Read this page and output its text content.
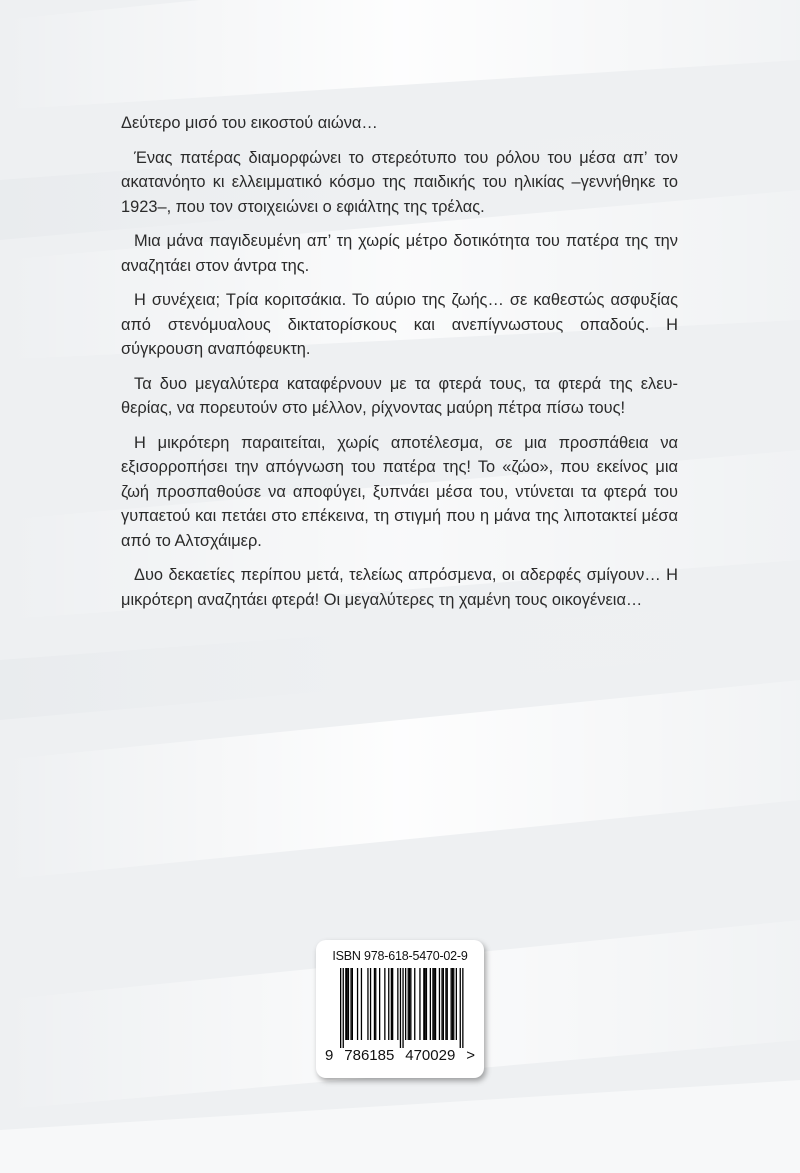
Δεύτερο μισό του εικοστού αιώνα…

Ένας πατέρας διαμορφώνει το στερεότυπο του ρόλου του μέσα απ’ τον ακατανόητο κι ελλειμματικό κόσμο της παιδικής του ηλικίας –γεννήθηκε το 1923–, που τον στοιχειώνει ο εφιάλτης της τρέλας.

Μια μάνα παγιδευμένη απ’ τη χωρίς μέτρο δοτικότητα του πατέρα της την αναζητάει στον άντρα της.

Η συνέχεια; Τρία κοριτσάκια. Το αύριο της ζωής… σε καθεστώς ασφυξίας από στενόμυαλους δικτατορίσκους και ανεπίγνωστους οπαδούς. Η σύγκρουση αναπόφευκτη.

Τα δυο μεγαλύτερα καταφέρνουν με τα φτερά τους, τα φτερά της ελευθερίας, να πορευτούν στο μέλλον, ρίχνοντας μαύρη πέτρα πίσω τους!

Η μικρότερη παραιτείται, χωρίς αποτέλεσμα, σε μια προσπάθεια να εξισορροπήσει την απόγνωση του πατέρα της! Το «ζώο», που εκείνος μια ζωή προσπαθούσε να αποφύγει, ξυπνάει μέσα του, ντύνεται τα φτερά του γυπαετού και πετάει στο επέκεινα, τη στιγμή που η μάνα της λιποτακτεί μέσα από το Αλτσχάιμερ.

Δυο δεκαετίες περίπου μετά, τελείως απρόσμενα, οι αδερφές σμίγουν… Η μικρότερη αναζητάει φτερά! Οι μεγαλύτερες τη χαμένη τους οικογένεια…

ISBN 978-618-5470-02-9
9 786185 470029 >
